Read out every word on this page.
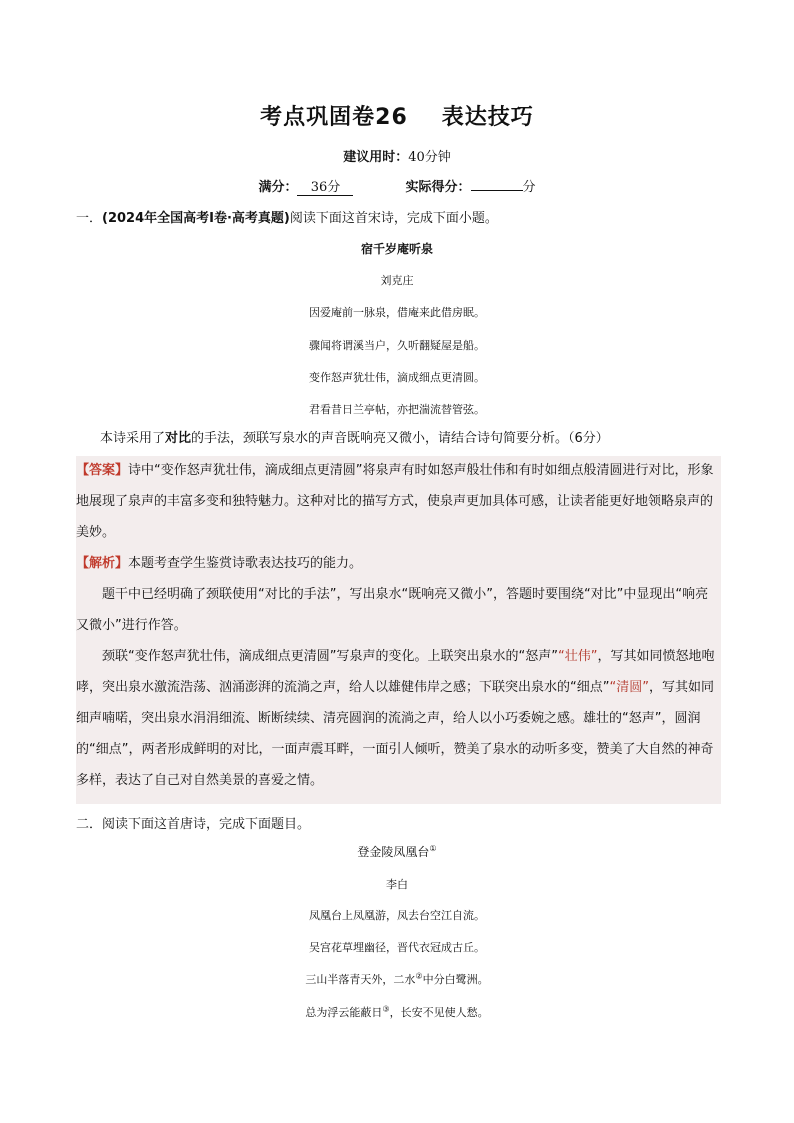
考点巩固卷26 表达技巧
建议用时：40分钟
满分： 36分	实际得分：	分
一．(2024年全国高考Ⅰ卷·高考真题)阅读下面这首宋诗，完成下面小题。
宿千岁庵听泉
刘克庄
因爱庵前一脉泉，借庵来此借房眠。
骤闻将谓溪当户，久听翻疑屋是船。
变作怒声犹壮伟，滴成细点更清圆。
君看昔日兰亭帖，亦把湍流替管弦。
本诗采用了对比的手法，颈联写泉水的声音既响亮又微小，请结合诗句简要分析。（6分）

【答案】诗中“变作怒声犹壮伟，滴成细点更清圆”将泉声有时如怒声般壮伟和有时如细点般清圆进行对比，形象地展现了泉声的丰富多变和独特魅力。这种对比的描写方式，使泉声更加具体可感，让读者能更好地领略泉声的美妙。

【解析】本题考查学生鉴赏诗歌表达技巧的能力。

题干中已经明确了颈联使用“对比的手法”，写出泉水“既响亮又微小”，答题时要围绕“对比”中显现出“响亮又微小”进行作答。

颈联“变作怒声犹壮伟，滴成细点更清圆”写泉声的变化。上联突出泉水的“怒声”“壮伟”，写其如同愤怒地咆哮，突出泉水激流浩荡、汹涌澎湃的流淌之声，给人以雄健伟岸之感；下联突出泉水的“细点”“清圆”，写其如同细声喃喏，突出泉水涓涓细流、断断续续、清亮圆润的流淌之声，给人以小巧委婉之感。雄壮的“怒声”，圆润的“细点”，两者形成鲜明的对比，一面声震耳畔，一面引人倾听，赞美了泉水的动听多变，赞美了大自然的神奇多样，表达了自己对自然美景的喜爱之情。

二．阅读下面这首唐诗，完成下面题目。
登金陵凤凰台①
李白
凤凰台上凤凰游，凤去台空江自流。
吴宫花草埋幽径，晋代衣冠成古丘。
三山半落青天外，二水②中分白鹭洲。
总为浮云能蔽日③，长安不见使人愁。
